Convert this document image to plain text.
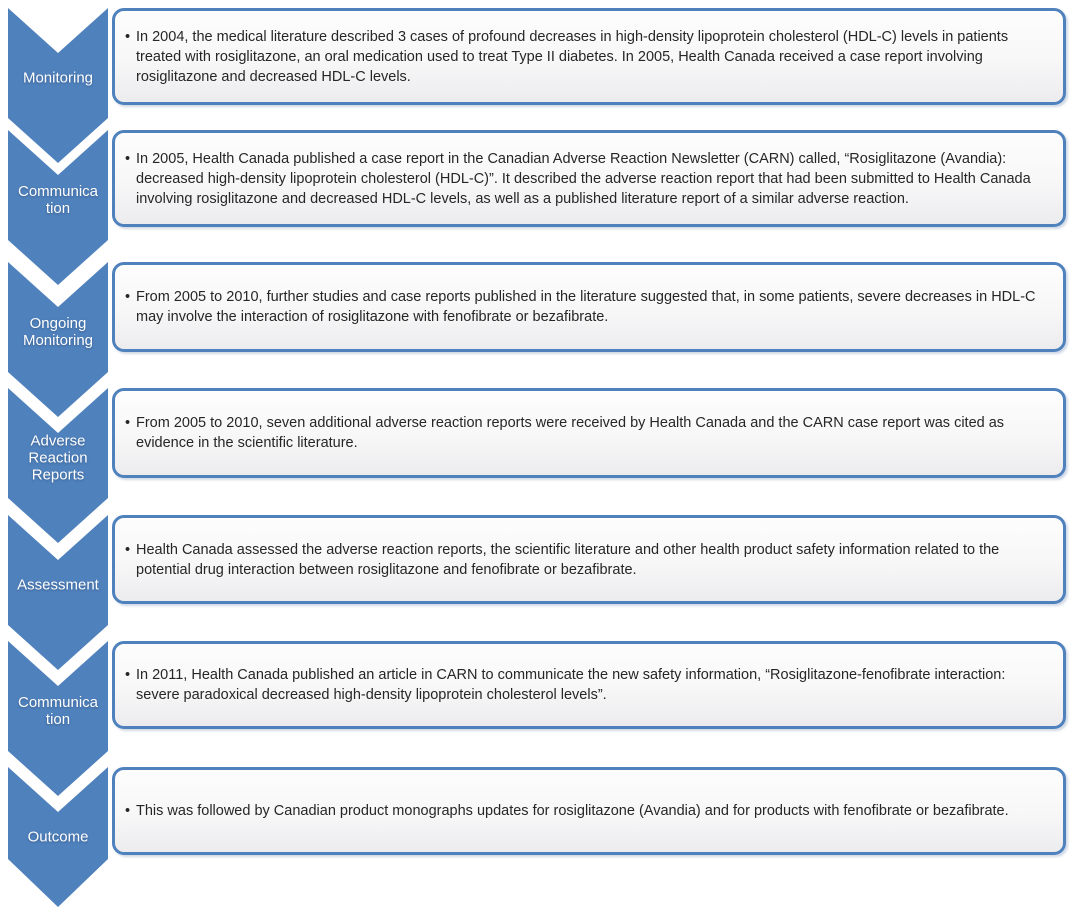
Monitoring
• In 2004, the medical literature described 3 cases of profound decreases in high-density lipoprotein cholesterol (HDL-C) levels in patients treated with rosiglitazone, an oral medication used to treat Type II diabetes. In 2005, Health Canada received a case report involving rosiglitazone and decreased HDL-C levels.
Communication
• In 2005, Health Canada published a case report in the Canadian Adverse Reaction Newsletter (CARN) called, “Rosiglitazone (Avandia): decreased high-density lipoprotein cholesterol (HDL-C)”. It described the adverse reaction report that had been submitted to Health Canada involving rosiglitazone and decreased HDL-C levels, as well as a published literature report of a similar adverse reaction.
Ongoing Monitoring
• From 2005 to 2010, further studies and case reports published in the literature suggested that, in some patients, severe decreases in HDL-C may involve the interaction of rosiglitazone with fenofibrate or bezafibrate.
Adverse Reaction Reports
• From 2005 to 2010, seven additional adverse reaction reports were received by Health Canada and the CARN case report was cited as evidence in the scientific literature.
Assessment
• Health Canada assessed the adverse reaction reports, the scientific literature and other health product safety information related to the potential drug interaction between rosiglitazone and fenofibrate or bezafibrate.
Communication
• In 2011, Health Canada published an article in CARN to communicate the new safety information, “Rosiglitazone-fenofibrate interaction: severe paradoxical decreased high-density lipoprotein cholesterol levels”.
Outcome
• This was followed by Canadian product monographs updates for rosiglitazone (Avandia) and for products with fenofibrate or bezafibrate.
